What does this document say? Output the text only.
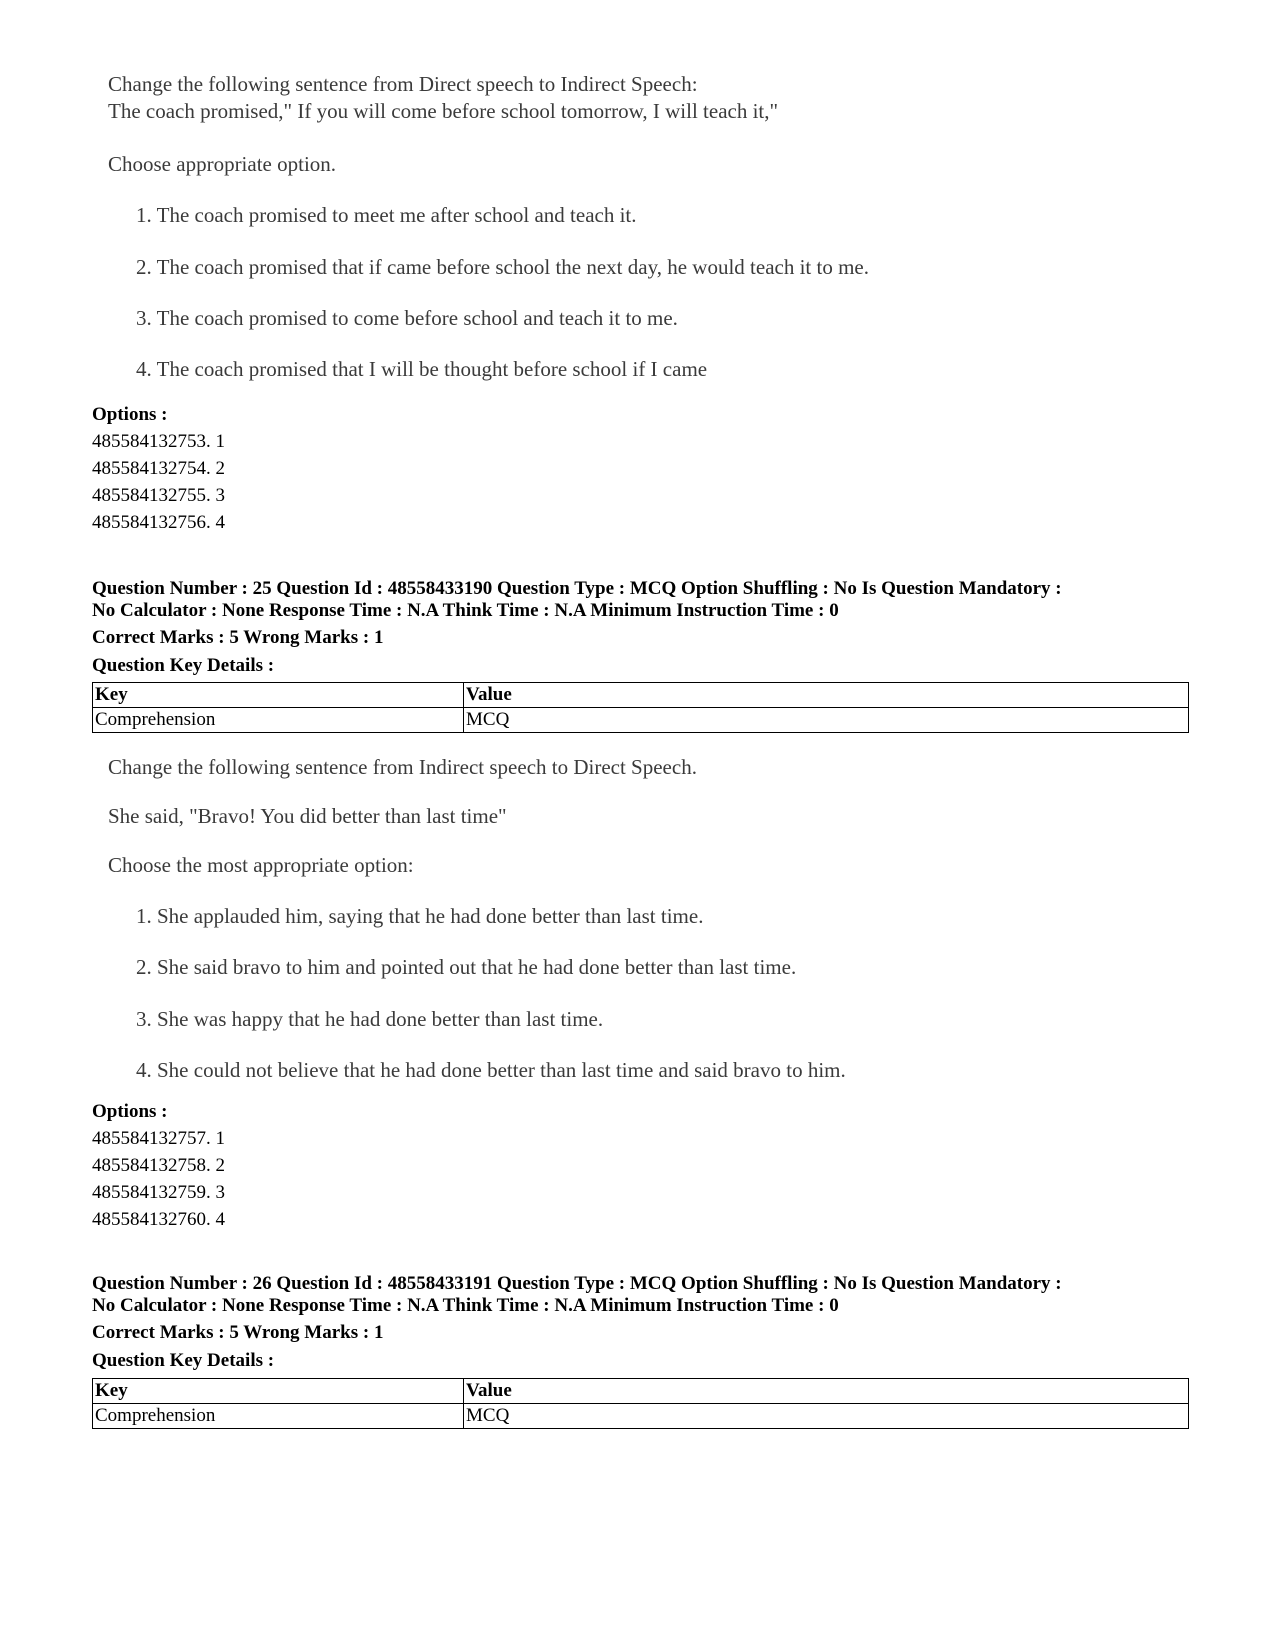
Change the following sentence from Direct speech to Indirect Speech:
The coach promised," If you will come before school tomorrow, I will teach it,"
Choose appropriate option.
1. The coach promised to meet me after school and teach it.
2. The coach promised that if came before school the next day, he would teach it to me.
3. The coach promised to come before school and teach it to me.
4. The coach promised that I will be thought before school if I came
Options :
485584132753. 1
485584132754. 2
485584132755. 3
485584132756. 4
Question Number : 25 Question Id : 48558433190 Question Type : MCQ Option Shuffling : No Is Question Mandatory :
No Calculator : None Response Time : N.A Think Time : N.A Minimum Instruction Time : 0
Correct Marks : 5 Wrong Marks : 1
Question Key Details :
Key	Value
Comprehension	MCQ
Change the following sentence from Indirect speech to Direct Speech.
She said, "Bravo! You did better than last time"
Choose the most appropriate option:
1. She applauded him, saying that he had done better than last time.
2. She said bravo to him and pointed out that he had done better than last time.
3. She was happy that he had done better than last time.
4. She could not believe that he had done better than last time and said bravo to him.
Options :
485584132757. 1
485584132758. 2
485584132759. 3
485584132760. 4
Question Number : 26 Question Id : 48558433191 Question Type : MCQ Option Shuffling : No Is Question Mandatory :
No Calculator : None Response Time : N.A Think Time : N.A Minimum Instruction Time : 0
Correct Marks : 5 Wrong Marks : 1
Question Key Details :
Key	Value
Comprehension	MCQ
